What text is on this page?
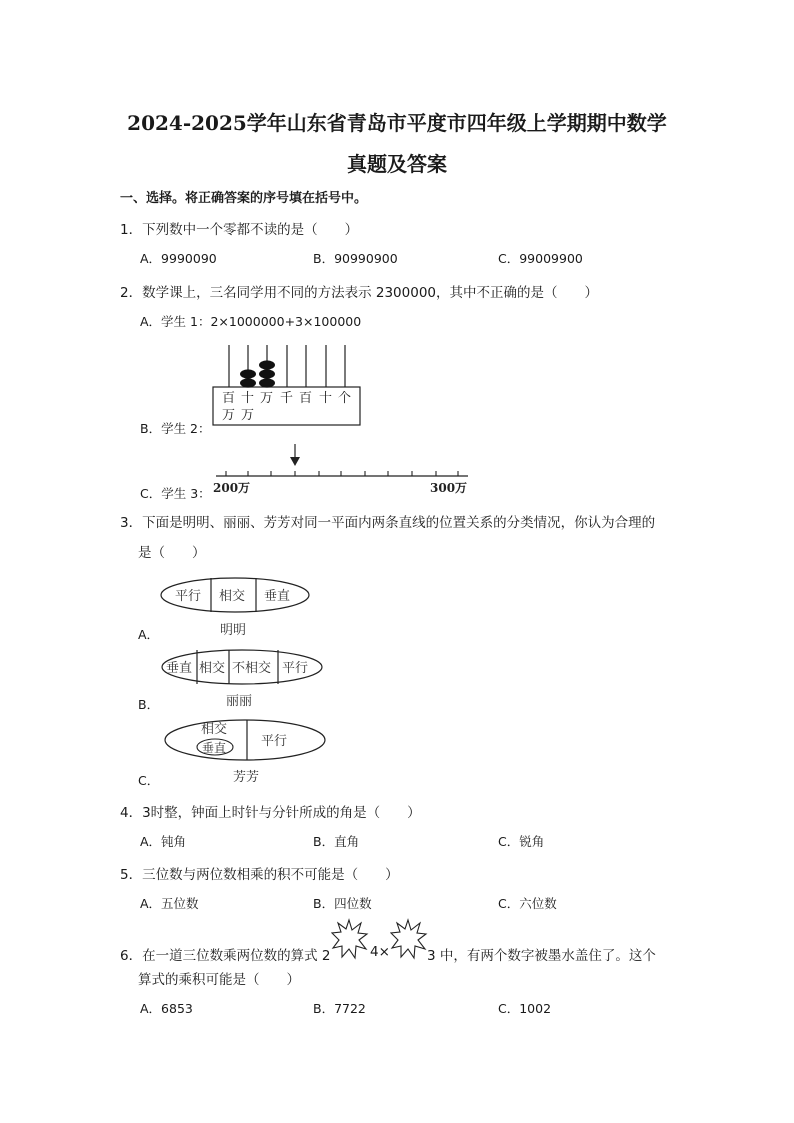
2024-2025学年山东省青岛市平度市四年级上学期期中数学
真题及答案
一、选择。将正确答案的序号填在括号中。
1．下列数中一个零都不读的是（　　）
A．9990090	B．90990900	C．99009900
2．数学课上，三名同学用不同的方法表示 2300000，其中不正确的是（　　）
A．学生 1：2×1000000+3×100000
百 十 万 千 百 十 个
万 万
B．学生 2：
C．学生 3： 200万	300万
3．下面是明明、丽丽、芳芳对同一平面内两条直线的位置关系的分类情况，你认为合理的
是（　　）
平行 相交 垂直
明明
A．
垂直 相交 不相交 平行
丽丽
B．
相交
垂直	平行
芳芳
C．
4．3时整，钟面上时针与分针所成的角是（　　）
A．钝角	B．直角	C．锐角
5．三位数与两位数相乘的积不可能是（　　）
A．五位数	B．四位数	C．六位数
6．在一道三位数乘两位数的算式 2	4×	3 中，有两个数字被墨水盖住了。这个
算式的乘积可能是（　　）
A．6853	B．7722	C．1002
